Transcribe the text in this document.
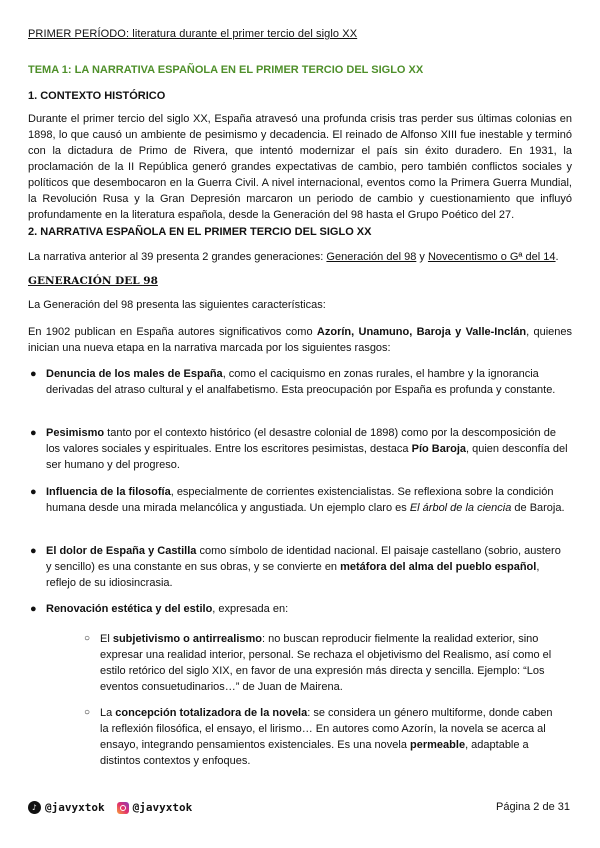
PRIMER PERÍODO: literatura durante el primer tercio del siglo XX
TEMA 1: LA NARRATIVA ESPAÑOLA EN EL PRIMER TERCIO DEL SIGLO XX
1. CONTEXTO HISTÓRICO
Durante el primer tercio del siglo XX, España atravesó una profunda crisis tras perder sus últimas colonias en 1898, lo que causó un ambiente de pesimismo y decadencia. El reinado de Alfonso XIII fue inestable y terminó con la dictadura de Primo de Rivera, que intentó modernizar el país sin éxito duradero. En 1931, la proclamación de la II República generó grandes expectativas de cambio, pero también conflictos sociales y políticos que desembocaron en la Guerra Civil. A nivel internacional, eventos como la Primera Guerra Mundial, la Revolución Rusa y la Gran Depresión marcaron un periodo de cambio y cuestionamiento que influyó profundamente en la literatura española, desde la Generación del 98 hasta el Grupo Poético del 27.
2. NARRATIVA ESPAÑOLA EN EL PRIMER TERCIO DEL SIGLO XX
La narrativa anterior al 39 presenta 2 grandes generaciones: Generación del 98 y Novecentismo o Gª del 14.
GENERACIÓN DEL 98
La Generación del 98 presenta las siguientes características:
En 1902 publican en España autores significativos como Azorín, Unamuno, Baroja y Valle-Inclán, quienes inician una nueva etapa en la narrativa marcada por los siguientes rasgos:
● Denuncia de los males de España, como el caciquismo en zonas rurales, el hambre y la ignorancia derivadas del atraso cultural y el analfabetismo. Esta preocupación por España es profunda y constante.
● Pesimismo tanto por el contexto histórico (el desastre colonial de 1898) como por la descomposición de los valores sociales y espirituales. Entre los escritores pesimistas, destaca Pío Baroja, quien desconfía del ser humano y del progreso.
● Influencia de la filosofía, especialmente de corrientes existencialistas. Se reflexiona sobre la condición humana desde una mirada melancólica y angustiada. Un ejemplo claro es El árbol de la ciencia de Baroja.
● El dolor de España y Castilla como símbolo de identidad nacional. El paisaje castellano (sobrio, austero y sencillo) es una constante en sus obras, y se convierte en metáfora del alma del pueblo español, reflejo de su idiosincrasia.
● Renovación estética y del estilo, expresada en:
○ El subjetivismo o antirrealismo: no buscan reproducir fielmente la realidad exterior, sino expresar una realidad interior, personal. Se rechaza el objetivismo del Realismo, así como el estilo retórico del siglo XIX, en favor de una expresión más directa y sencilla. Ejemplo: “Los eventos consuetudinarios…” de Juan de Mairena.
○ La concepción totalizadora de la novela: se considera un género multiforme, donde caben la reflexión filosófica, el ensayo, el lirismo… En autores como Azorín, la novela se acerca al ensayo, integrando pensamientos existenciales. Es una novela permeable, adaptable a distintos contextos y enfoques.
♪ @javyxtok	@javyxtok	Página 2 de 31
